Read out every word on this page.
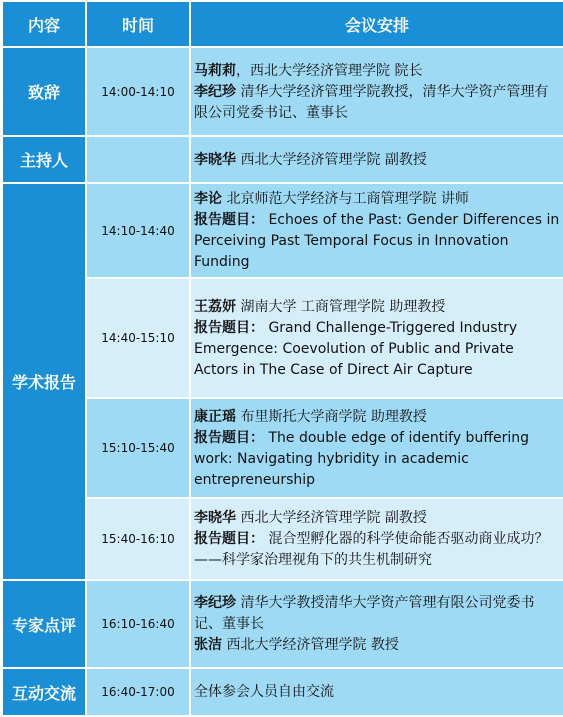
内容	时间	会议安排
致辞	14:00-14:10	马莉莉，西北大学经济管理学院 院长
李纪珍 清华大学经济管理学院教授，清华大学资产管理有限公司党委书记、董事长

主持人		李晓华 西北大学经济管理学院 副教授

学术报告	14:10-14:40	李论 北京师范大学经济与工商管理学院 讲师
报告题目： Echoes of the Past: Gender Differences in Perceiving Past Temporal Focus in Innovation Funding

	14:40-15:10	王荔妍 湖南大学 工商管理学院 助理教授
报告题目： Grand Challenge-Triggered Industry Emergence: Coevolution of Public and Private Actors in The Case of Direct Air Capture

	15:10-15:40	康正瑶 布里斯托大学商学院 助理教授
报告题目： The double edge of identify buffering work: Navigating hybridity in academic entrepreneurship

	15:40-16:10	李晓华 西北大学经济管理学院 副教授
报告题目： 混合型孵化器的科学使命能否驱动商业成功？——科学家治理视角下的共生机制研究

专家点评	16:10-16:40	李纪珍 清华大学教授清华大学资产管理有限公司党委书记、董事长
张洁 西北大学经济管理学院 教授

互动交流	16:40-17:00	全体参会人员自由交流
